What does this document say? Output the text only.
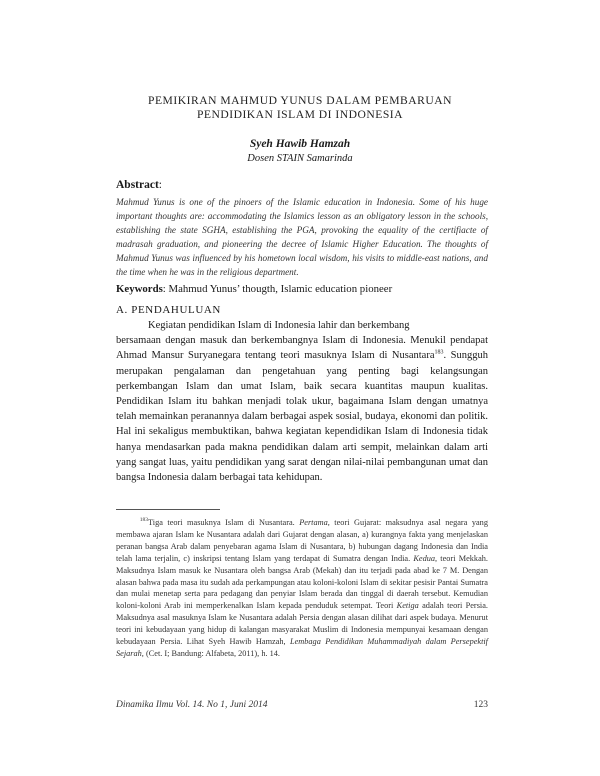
PEMIKIRAN MAHMUD YUNUS DALAM PEMBARUAN
PENDIDIKAN ISLAM DI INDONESIA
Syeh Hawib Hamzah
Dosen STAIN Samarinda
Abstract:
Mahmud Yunus is one of the pinoers of the Islamic education in Indonesia. Some of his huge important thoughts are: accommodating the Islamics lesson as an obligatory lesson in the schools, establishing the state SGHA, establishing the PGA, provoking the equality of the certifiacte of madrasah graduation, and pioneering the decree of Islamic Higher Education. The thoughts of Mahmud Yunus was influenced by his hometown local wisdom, his visits to middle-east nations, and the time when he was in the religious department.
Keywords: Mahmud Yunus’ thougth, Islamic education pioneer
A. PENDAHULUAN
Kegiatan pendidikan Islam di Indonesia lahir dan berkembang
bersamaan dengan masuk dan berkembangnya Islam di Indonesia. Menukil pendapat Ahmad Mansur Suryanegara tentang teori masuknya Islam di Nusantara$^{183}$. Sungguh merupakan pengalaman dan pengetahuan yang penting bagi kelangsungan perkembangan Islam dan umat Islam, baik secara kuantitas maupun kualitas. Pendidikan Islam itu bahkan menjadi tolak ukur, bagaimana Islam dengan umatnya telah memainkan peranannya dalam berbagai aspek sosial, budaya, ekonomi dan politik. Hal ini sekaligus membuktikan, bahwa kegiatan kependidikan Islam di Indonesia tidak hanya mendasarkan pada makna pendidikan dalam arti sempit, melainkan dalam arti yang sangat luas, yaitu pendidikan yang sarat dengan nilai-nilai pembangunan umat dan bangsa Indonesia dalam berbagai tata kehidupan.
$^{183}$Tiga teori masuknya Islam di Nusantara. Pertama, teori Gujarat: maksudnya asal negara yang membawa ajaran Islam ke Nusantara adalah dari Gujarat dengan alasan, a) kurangnya fakta yang menjelaskan peranan bangsa Arab dalam penyebaran agama Islam di Nusantara, b) hubungan dagang Indonesia dan India telah lama terjalin, c) inskripsi tentang Islam yang terdapat di Sumatra dengan India. Kedua, teori Mekkah. Maksudnya Islam masuk ke Nusantara oleh bangsa Arab (Mekah) dan itu terjadi pada abad ke 7 M. Dengan alasan bahwa pada masa itu sudah ada perkampungan atau koloni-koloni Islam di sekitar pesisir Pantai Sumatra dan mulai menetap serta para pedagang dan penyiar Islam berada dan tinggal di daerah tersebut. Kemudian koloni-koloni Arab ini memperkenalkan Islam kepada penduduk setempat. Teori Ketiga adalah teori Persia. Maksudnya asal masuknya Islam ke Nusantara adalah Persia dengan alasan dilihat dari aspek budaya. Menurut teori ini kebudayaan yang hidup di kalangan masyarakat Muslim di Indonesia mempunyai kesamaan dengan kebudayaan Persia. Lihat Syeh Hawib Hamzah, Lembaga Pendidikan Muhammadiyah dalam Persepektif Sejarah, (Cet. I; Bandung: Alfabeta, 2011), h. 14.
Dinamika Ilmu Vol. 14. No 1, Juni 2014	123
